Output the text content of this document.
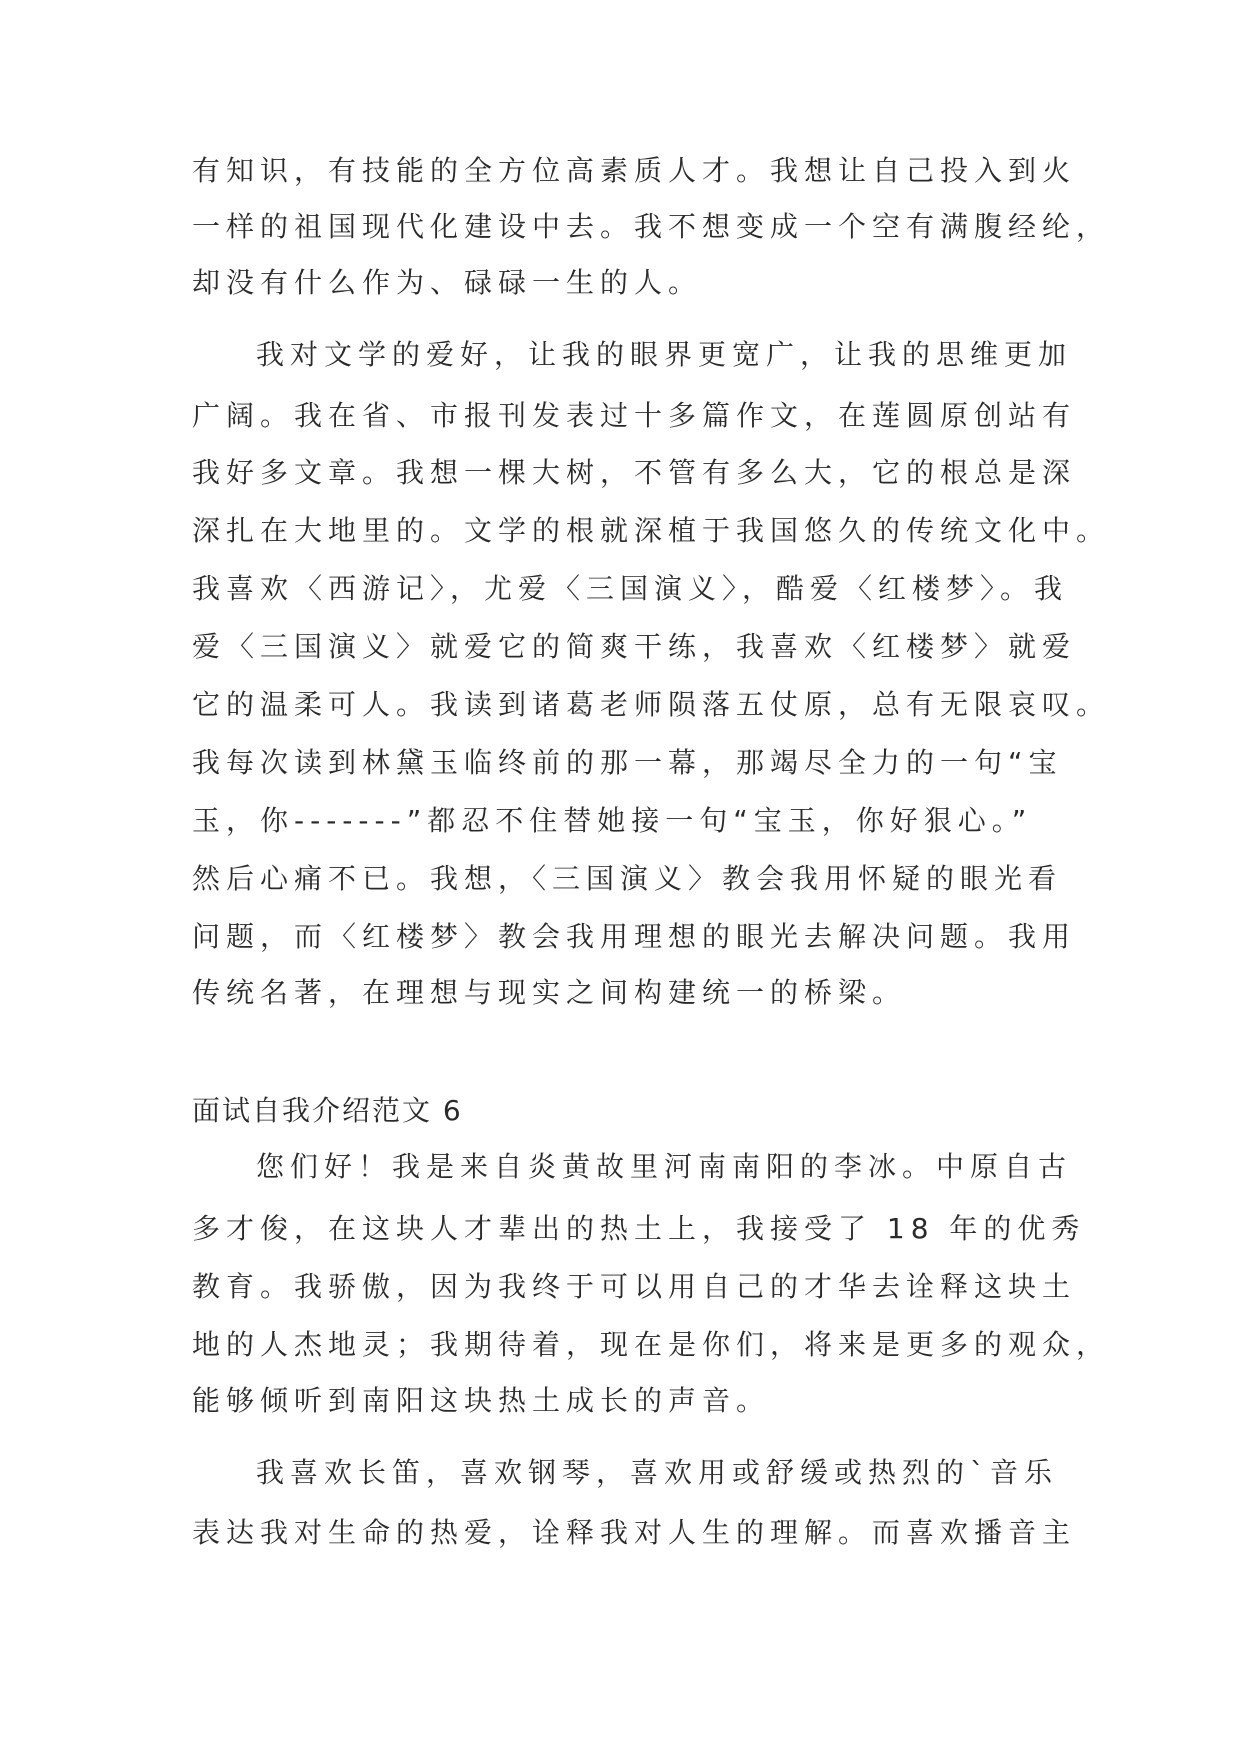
有知识，有技能的全方位高素质人才。我想让自己投入到火
一样的祖国现代化建设中去。我不想变成一个空有满腹经纶，
却没有什么作为、碌碌一生的人。
我对文学的爱好，让我的眼界更宽广，让我的思维更加
广阔。我在省、市报刊发表过十多篇作文，在莲圆原创站有
我好多文章。我想一棵大树，不管有多么大，它的根总是深
深扎在大地里的。文学的根就深植于我国悠久的传统文化中。
我喜欢〈西游记〉，尤爱〈三国演义〉，酷爱〈红楼梦〉。我
爱〈三国演义〉就爱它的简爽干练，我喜欢〈红楼梦〉就爱
它的温柔可人。我读到诸葛老师陨落五仗原，总有无限哀叹。
我每次读到林黛玉临终前的那一幕，那竭尽全力的一句“宝
玉，你-------”都忍不住替她接一句“宝玉，你好狠心。”
然后心痛不已。我想，〈三国演义〉教会我用怀疑的眼光看
问题，而〈红楼梦〉教会我用理想的眼光去解决问题。我用
传统名著，在理想与现实之间构建统一的桥梁。
面试自我介绍范文 6
您们好！我是来自炎黄故里河南南阳的李冰。中原自古
多才俊，在这块人才辈出的热土上，我接受了 18 年的优秀
教育。我骄傲，因为我终于可以用自己的才华去诠释这块土
地的人杰地灵；我期待着，现在是你们，将来是更多的观众，
能够倾听到南阳这块热土成长的声音。
我喜欢长笛，喜欢钢琴，喜欢用或舒缓或热烈的`音乐
表达我对生命的热爱，诠释我对人生的理解。而喜欢播音主
